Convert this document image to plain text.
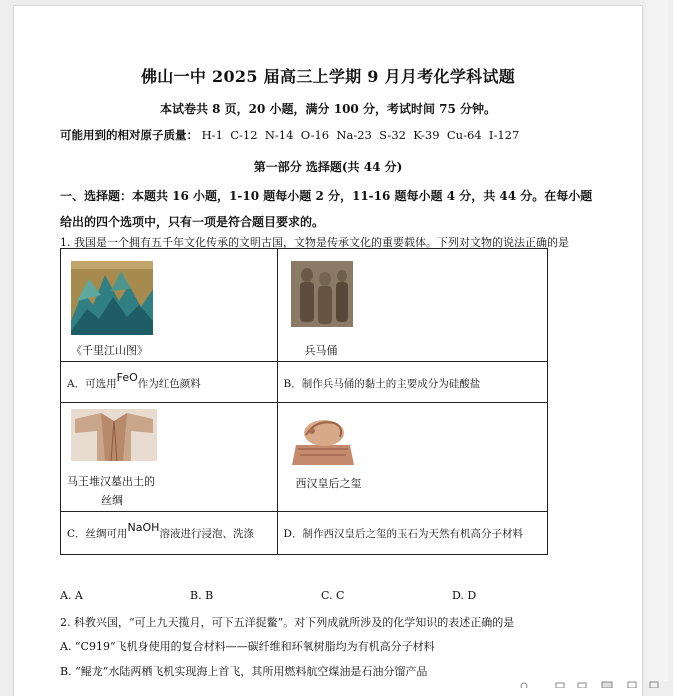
佛山一中 2025 届高三上学期 9 月月考化学科试题
本试卷共 8 页，20 小题，满分 100 分，考试时间 75 分钟。
可能用到的相对原子质量： H-1  C-12  N-14  O-16  Na-23  S-32  K-39  Cu-64  I-127
第一部分 选择题(共 44 分)
一、选择题：本题共 16 小题，1-10 题每小题 2 分，11-16 题每小题 4 分，共 44 分。在每小题给出的四个选项中，只有一项是符合题目要求的。
1. 我国是一个拥有五千年文化传承的文明古国，文物是传承文化的重要载体。下列对文物的说法正确的是
《千里江山图》	兵马俑

A．可选用FeO作为红色颜料	B．制作兵马俑的黏土的主要成分为硅酸盐

马王堆汉墓出土的
丝绸	西汉皇后之玺

C．丝绸可用NaOH溶液进行浸泡、洗涤	D．制作西汉皇后之玺的玉石为天然有机高分子材料
A. A	B. B	C. C	D. D
2. 科教兴国，“可上九天揽月，可下五洋捉鳖”。对下列成就所涉及的化学知识的表述正确的是
A. “C919”飞机身使用的复合材料——碳纤维和环氧树脂均为有机高分子材料
B. “鲲龙”水陆两栖飞机实现海上首飞，其所用燃料航空煤油是石油分馏产品
